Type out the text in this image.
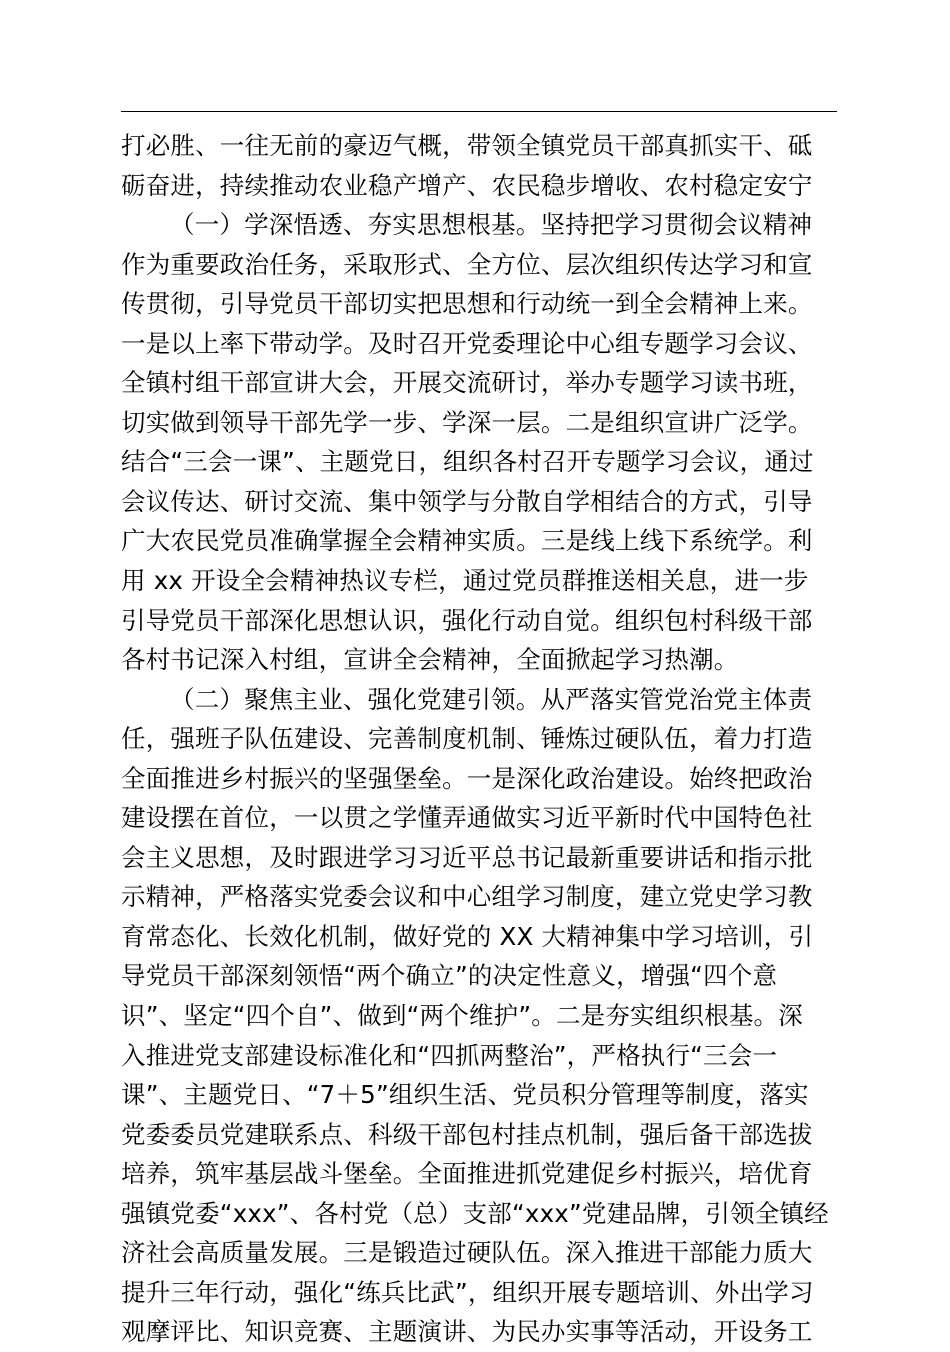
打必胜、一往无前的豪迈气概，带领全镇党员干部真抓实干、砥
砺奋进，持续推动农业稳产增产、农民稳步增收、农村稳定安宁
（一）学深悟透、夯实思想根基。坚持把学习贯彻会议精神
作为重要政治任务，采取形式、全方位、层次组织传达学习和宣
传贯彻，引导党员干部切实把思想和行动统一到全会精神上来。
一是以上率下带动学。及时召开党委理论中心组专题学习会议、
全镇村组干部宣讲大会，开展交流研讨，举办专题学习读书班，
切实做到领导干部先学一步、学深一层。二是组织宣讲广泛学。
结合“三会一课”、主题党日，组织各村召开专题学习会议，通过
会议传达、研讨交流、集中领学与分散自学相结合的方式，引导
广大农民党员准确掌握全会精神实质。三是线上线下系统学。利
用 xx 开设全会精神热议专栏，通过党员群推送相关息，进一步
引导党员干部深化思想认识，强化行动自觉。组织包村科级干部
各村书记深入村组，宣讲全会精神，全面掀起学习热潮。
（二）聚焦主业、强化党建引领。从严落实管党治党主体责
任，强班子队伍建设、完善制度机制、锤炼过硬队伍，着力打造
全面推进乡村振兴的坚强堡垒。一是深化政治建设。始终把政治
建设摆在首位，一以贯之学懂弄通做实习近平新时代中国特色社
会主义思想，及时跟进学习习近平总书记最新重要讲话和指示批
示精神，严格落实党委会议和中心组学习制度，建立党史学习教
育常态化、长效化机制，做好党的 XX 大精神集中学习培训，引
导党员干部深刻领悟“两个确立”的决定性意义，增强“四个意
识”、坚定“四个自”、做到“两个维护”。二是夯实组织根基。深
入推进党支部建设标准化和“四抓两整治”，严格执行“三会一
课”、主题党日、“7＋5”组织生活、党员积分管理等制度，落实
党委委员党建联系点、科级干部包村挂点机制，强后备干部选拔
培养，筑牢基层战斗堡垒。全面推进抓党建促乡村振兴，培优育
强镇党委“xxx”、各村党（总）支部“xxx”党建品牌，引领全镇经
济社会高质量发展。三是锻造过硬队伍。深入推进干部能力质大
提升三年行动，强化“练兵比武”，组织开展专题培训、外出学习
观摩评比、知识竞赛、主题演讲、为民办实事等活动，开设务工
